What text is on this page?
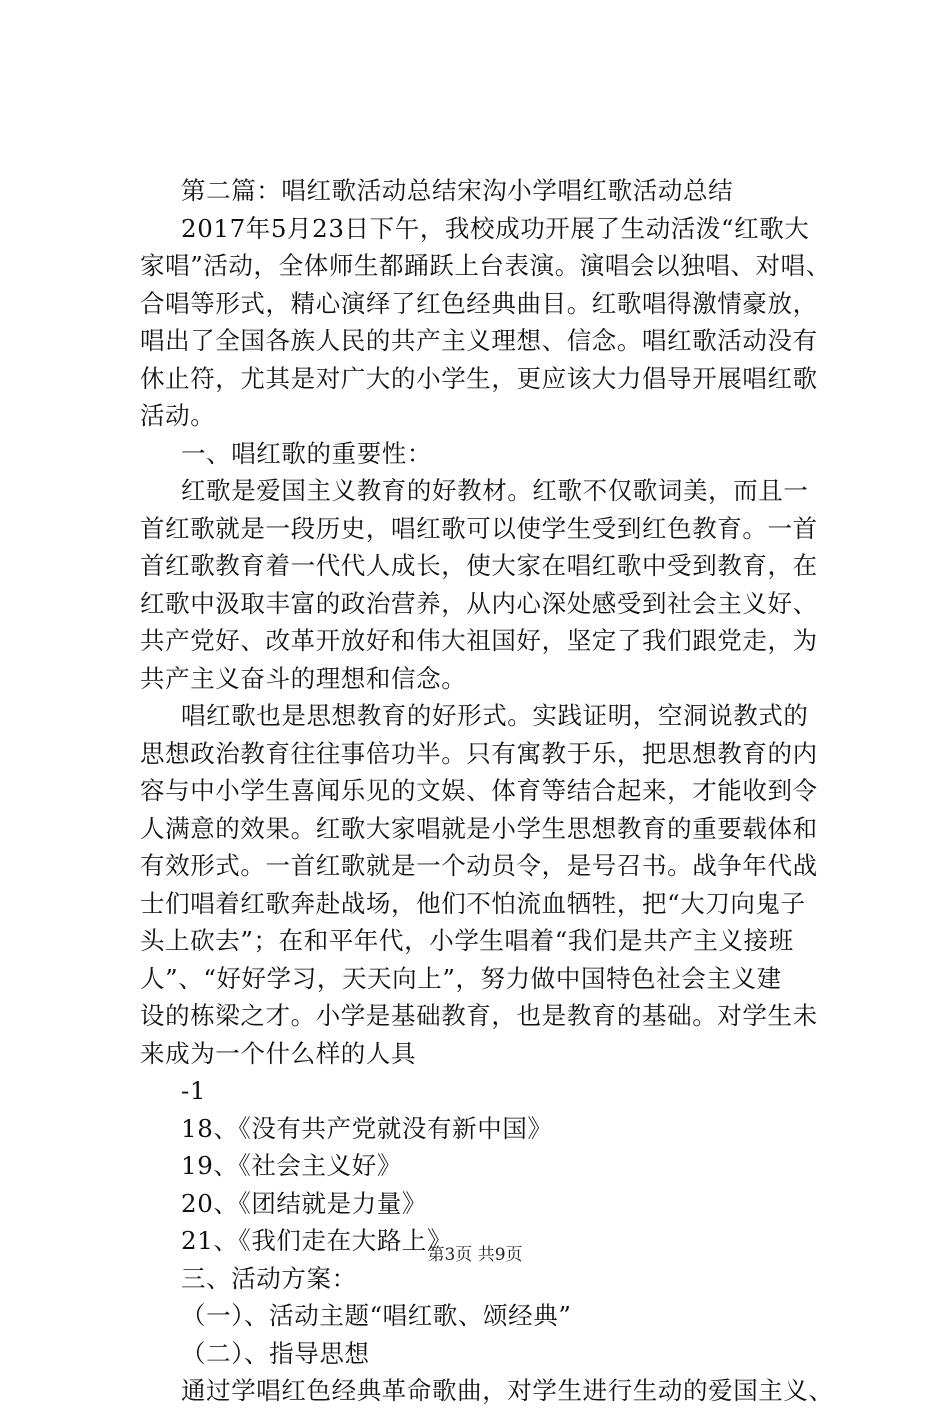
第二篇：唱红歌活动总结宋沟小学唱红歌活动总结
2017年5月23日下午，我校成功开展了生动活泼“红歌大
家唱”活动，全体师生都踊跃上台表演。演唱会以独唱、对唱、
合唱等形式，精心演绎了红色经典曲目。红歌唱得激情豪放，
唱出了全国各族人民的共产主义理想、信念。唱红歌活动没有
休止符，尤其是对广大的小学生，更应该大力倡导开展唱红歌
活动。
一、唱红歌的重要性：
红歌是爱国主义教育的好教材。红歌不仅歌词美，而且一
首红歌就是一段历史，唱红歌可以使学生受到红色教育。一首
首红歌教育着一代代人成长，使大家在唱红歌中受到教育，在
红歌中汲取丰富的政治营养，从内心深处感受到社会主义好、
共产党好、改革开放好和伟大祖国好，坚定了我们跟党走，为
共产主义奋斗的理想和信念。
唱红歌也是思想教育的好形式。实践证明，空洞说教式的
思想政治教育往往事倍功半。只有寓教于乐，把思想教育的内
容与中小学生喜闻乐见的文娱、体育等结合起来，才能收到令
人满意的效果。红歌大家唱就是小学生思想教育的重要载体和
有效形式。一首红歌就是一个动员令，是号召书。战争年代战
士们唱着红歌奔赴战场，他们不怕流血牺牲，把“大刀向鬼子
头上砍去”；在和平年代，小学生唱着“我们是共产主义接班
人”、“好好学习，天天向上”，努力做中国特色社会主义建
设的栋梁之才。小学是基础教育，也是教育的基础。对学生未
来成为一个什么样的人具
-1
18、《没有共产党就没有新中国》
19、《社会主义好》
20、《团结就是力量》
21、《我们走在大路上》
三、活动方案：
（一）、活动主题“唱红歌、颂经典”
（二）、指导思想
通过学唱红色经典革命歌曲，对学生进行生动的爱国主义、
第3页 共9页
